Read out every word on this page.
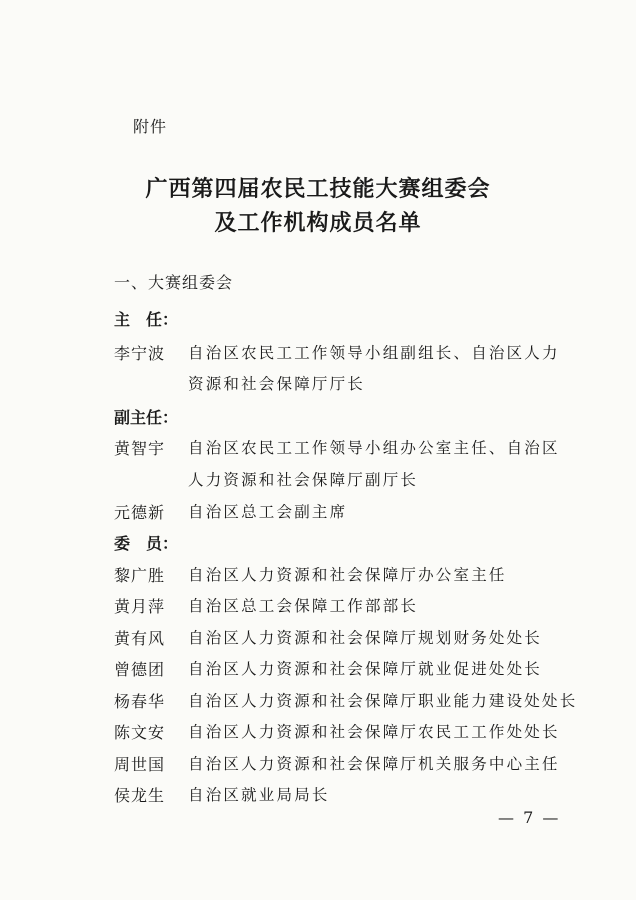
附件
广西第四届农民工技能大赛组委会
及工作机构成员名单
一、大赛组委会
主　任：
李宁波 自治区农民工工作领导小组副组长、自治区人力
资源和社会保障厅厅长
副主任：
黄智宇 自治区农民工工作领导小组办公室主任、自治区
人力资源和社会保障厅副厅长
元德新 自治区总工会副主席
委　员：
黎广胜 自治区人力资源和社会保障厅办公室主任
黄月萍 自治区总工会保障工作部部长
黄有风 自治区人力资源和社会保障厅规划财务处处长
曾德团 自治区人力资源和社会保障厅就业促进处处长
杨春华 自治区人力资源和社会保障厅职业能力建设处处长
陈文安 自治区人力资源和社会保障厅农民工工作处处长
周世国 自治区人力资源和社会保障厅机关服务中心主任
侯龙生 自治区就业局局长
— 7 —
